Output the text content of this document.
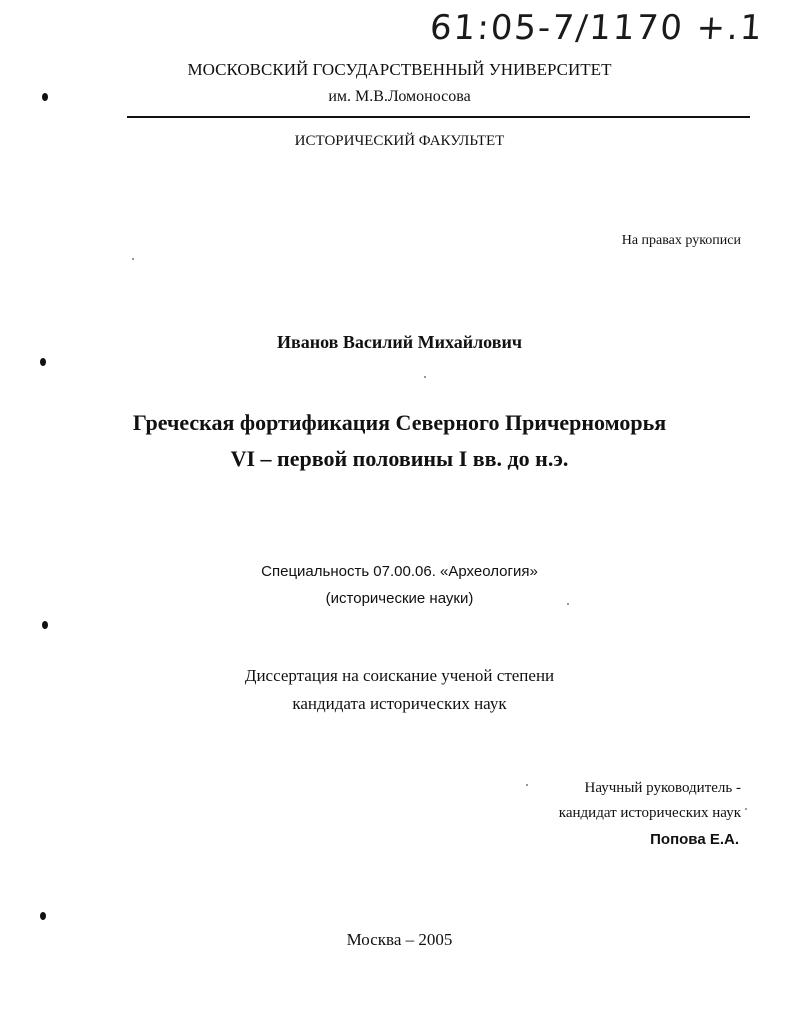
61:05-7/1170 +.1
МОСКОВСКИЙ ГОСУДАРСТВЕННЫЙ УНИВЕРСИТЕТ
им. М.В.Ломоносова
ИСТОРИЧЕСКИЙ ФАКУЛЬТЕТ
На правах рукописи
Иванов Василий Михайлович
Греческая фортификация Северного Причерноморья
VI – первой половины I вв. до н.э.
Специальность 07.00.06. «Археология»
(исторические науки)
Диссертация на соискание ученой степени
кандидата исторических наук
Научный руководитель -
кандидат исторических наук
Попова Е.А.
Москва – 2005
